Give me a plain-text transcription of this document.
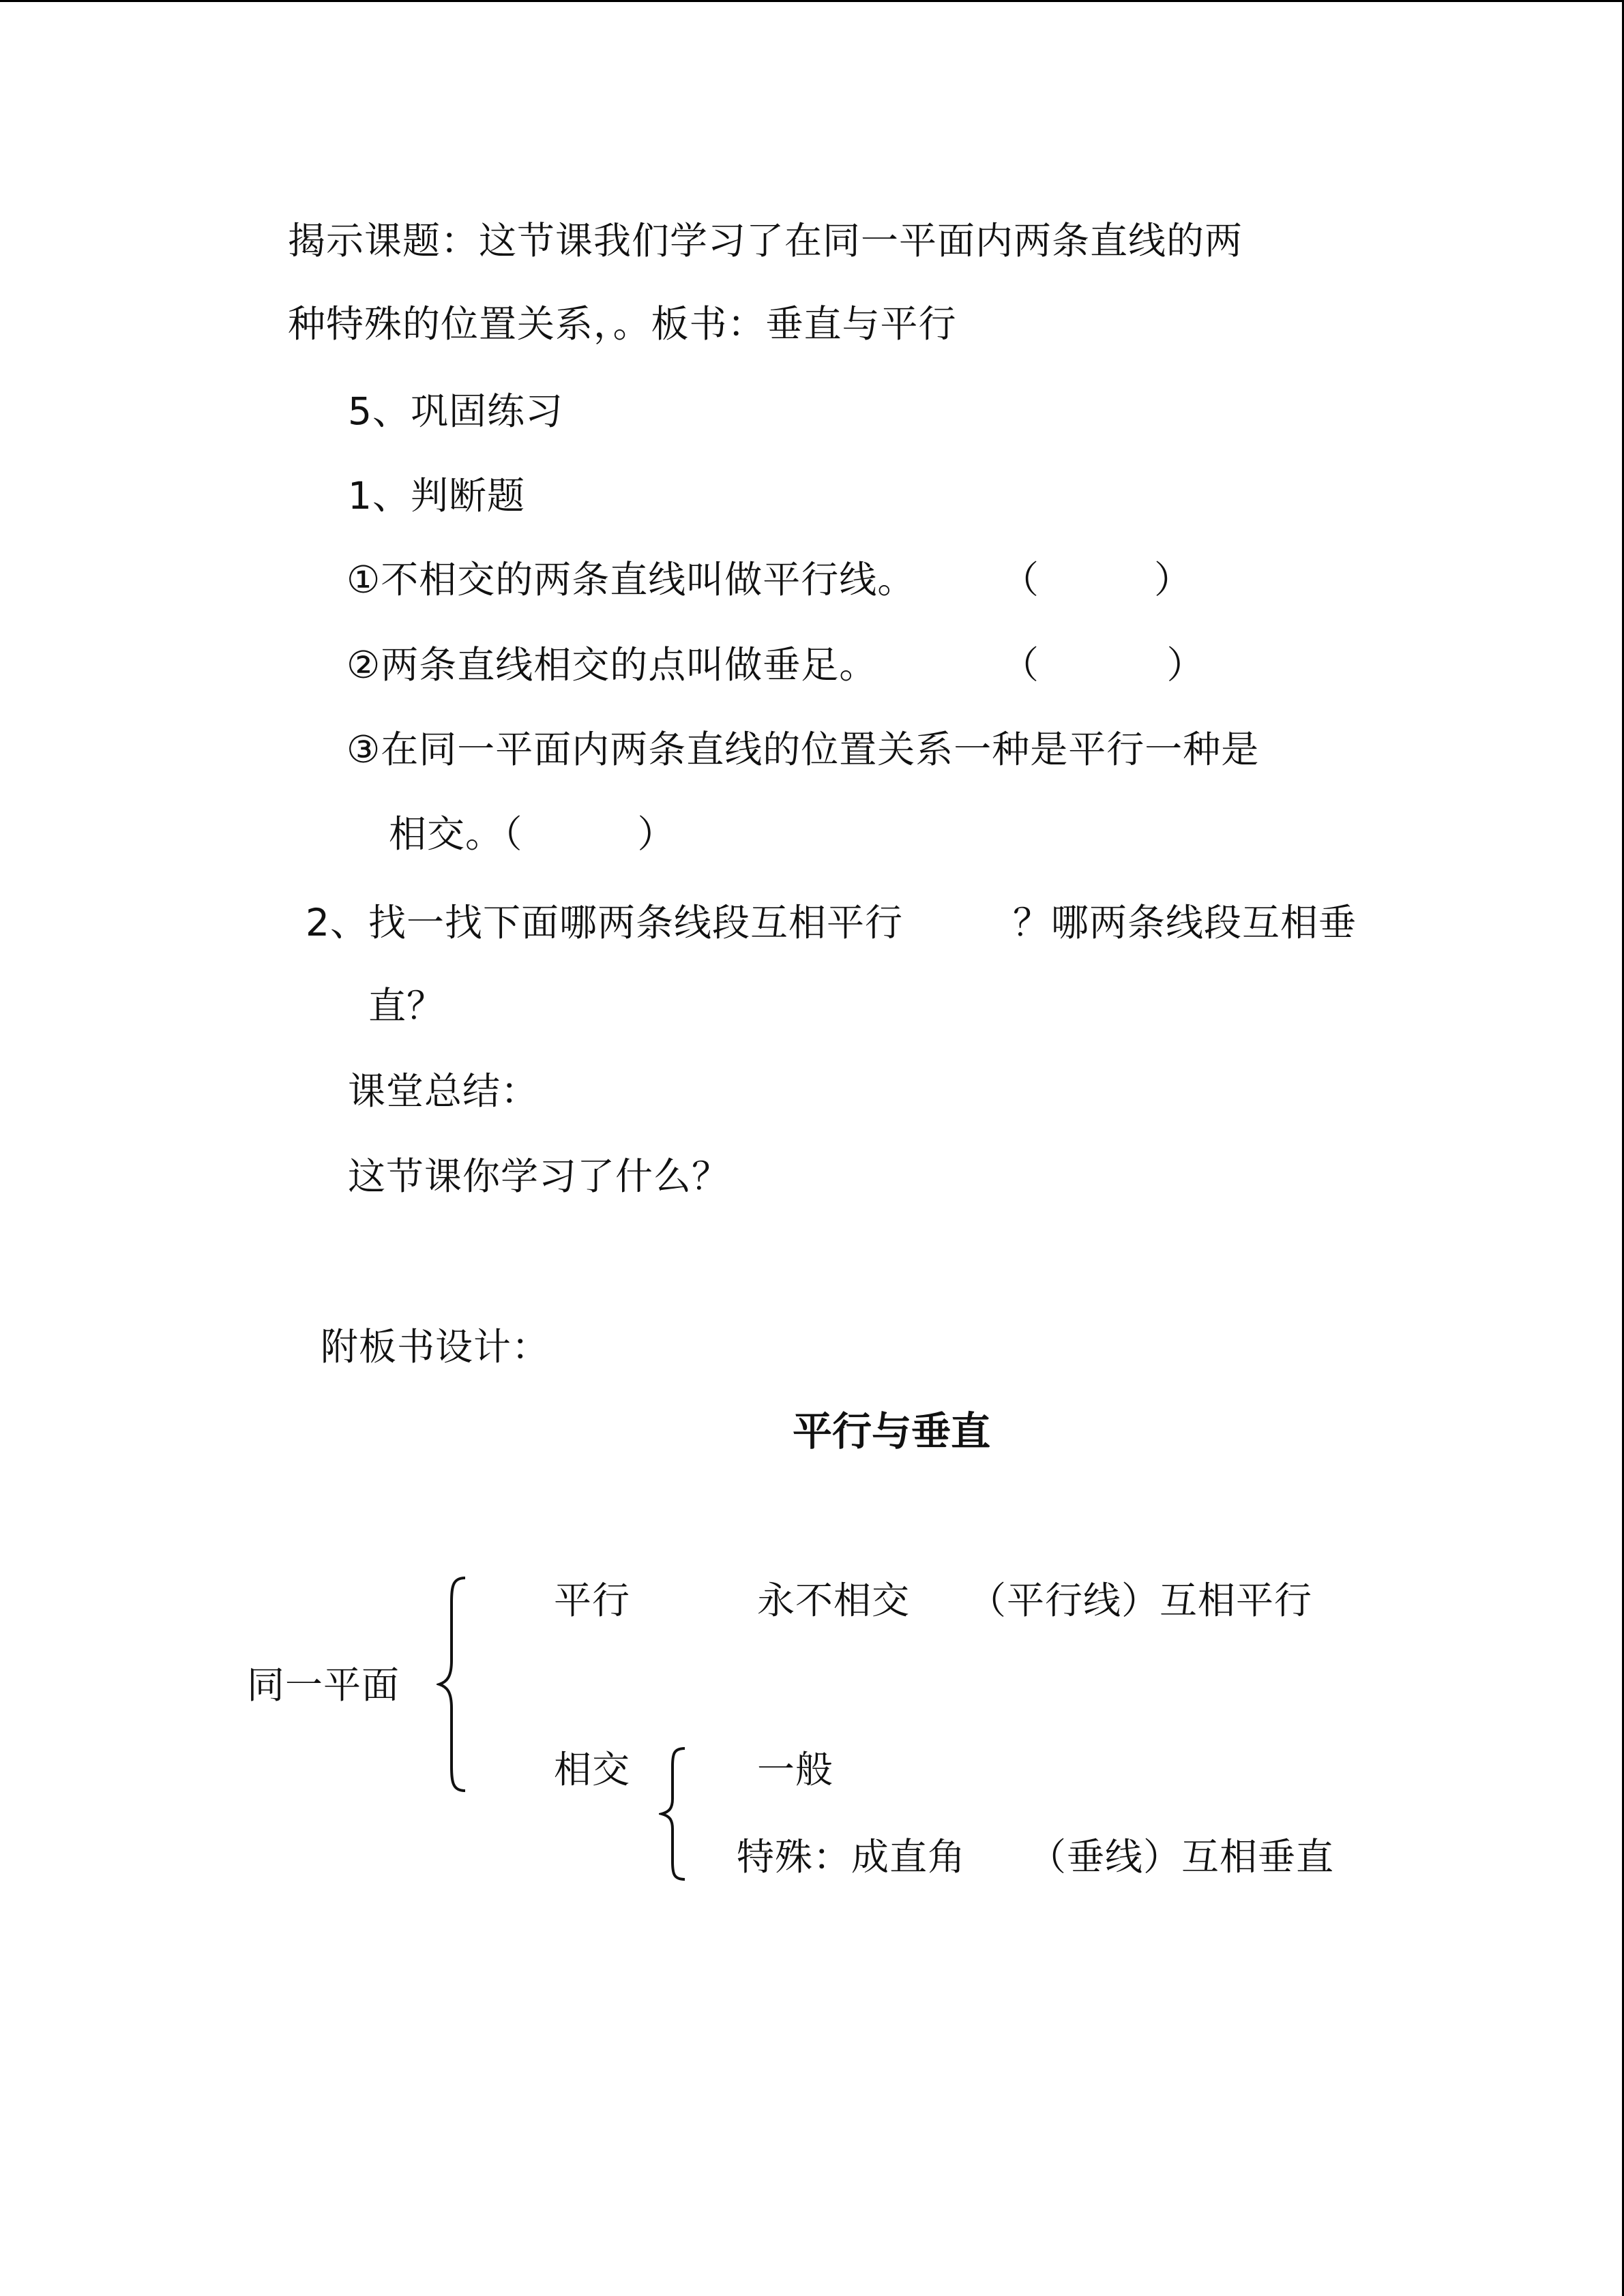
揭示课题：这节课我们学习了在同一平面内两条直线的两
种特殊的位置关系，。板书：垂直与平行
5、巩固练习
1、判断题
①不相交的两条直线叫做平行线。 （　　　）
②两条直线相交的点叫做垂足。	（　　　 ）
③在同一平面内两条直线的位置关系一种是平行一种是
相交。（　　　）
2、找一找下面哪两条线段互相平行	？哪两条线段互相垂
直？
课堂总结：
这节课你学习了什么？
附板书设计：
平行与垂直
同一平面
平行	永不相交 （平行线）互相平行
相交	一般
特殊：成直角 （垂线）互相垂直
